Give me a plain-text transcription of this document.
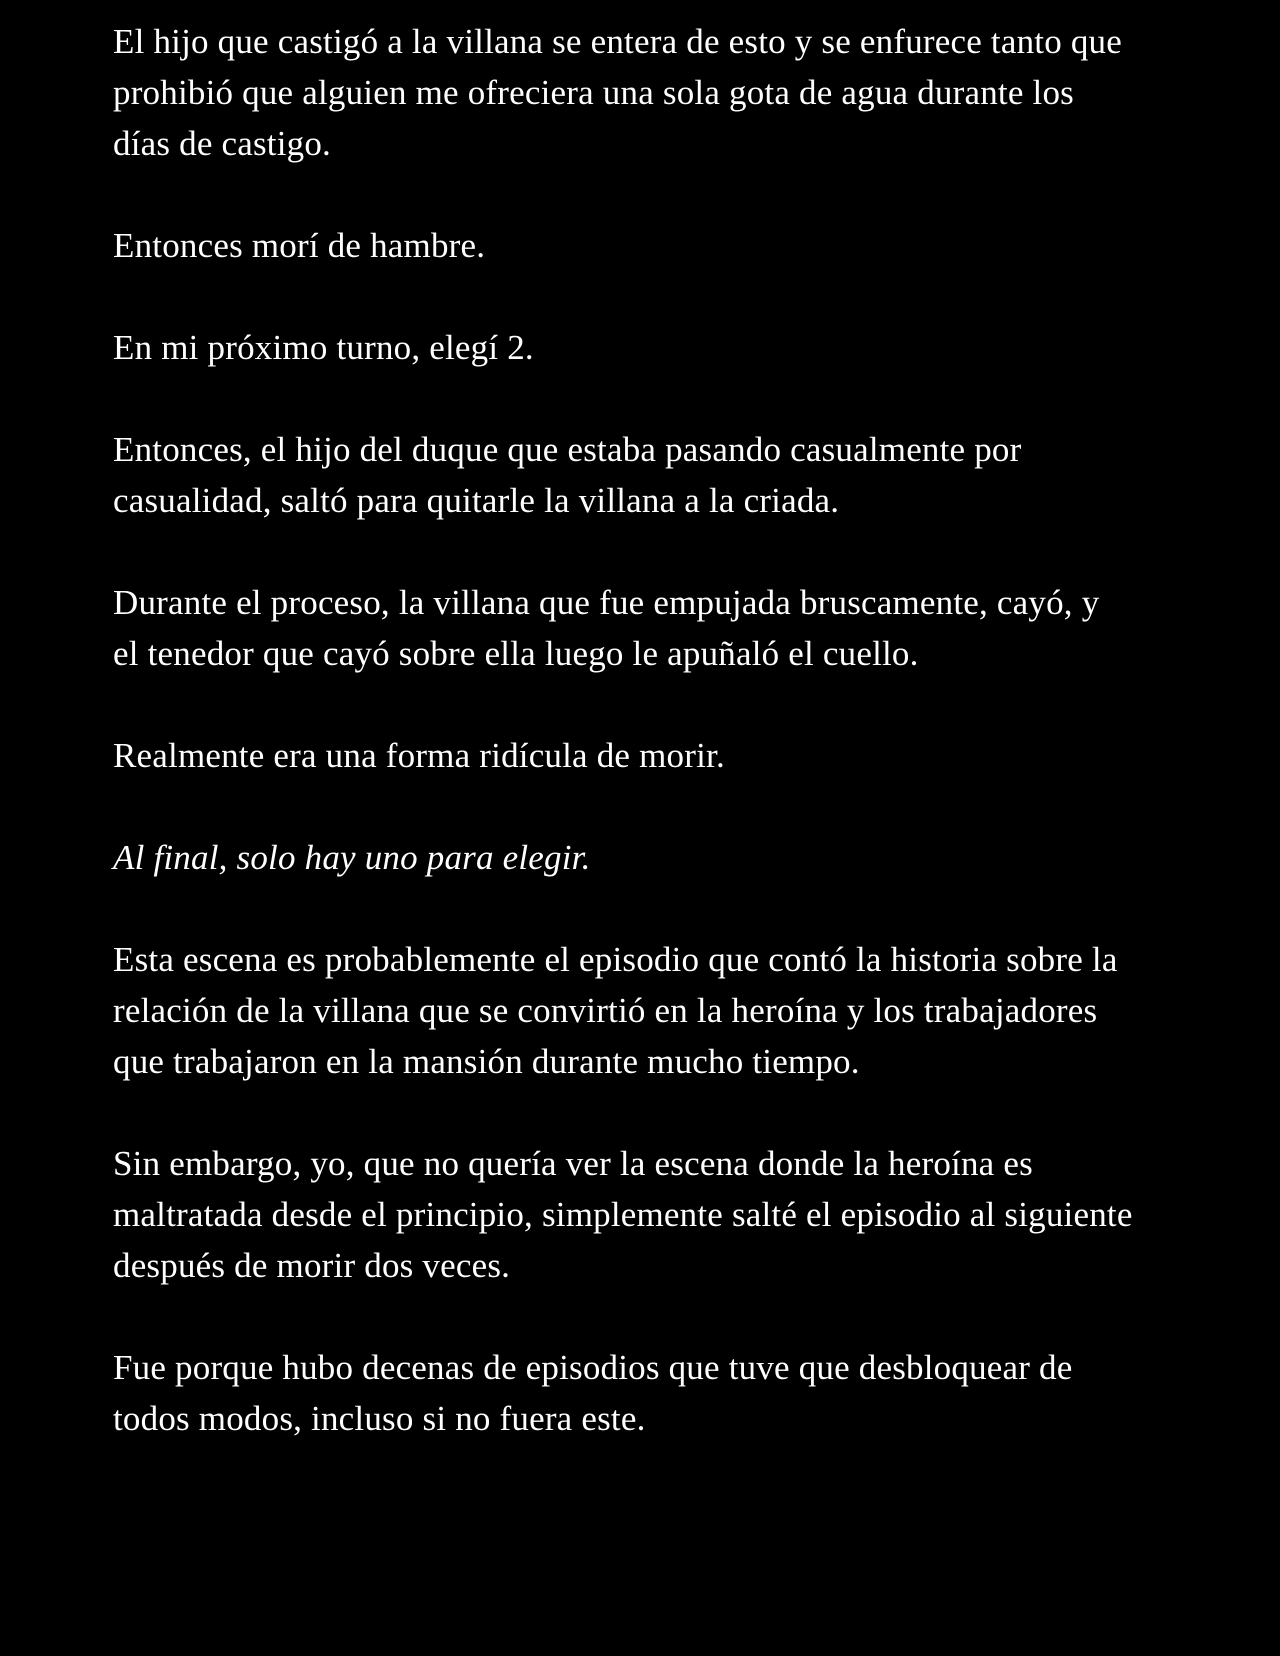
El hijo que castigó a la villana se entera de esto y se enfurece tanto que prohibió que alguien me ofreciera una sola gota de agua durante los días de castigo.

Entonces morí de hambre.

En mi próximo turno, elegí 2.

Entonces, el hijo del duque que estaba pasando casualmente por casualidad, saltó para quitarle la villana a la criada.

Durante el proceso, la villana que fue empujada bruscamente, cayó, y el tenedor que cayó sobre ella luego le apuñaló el cuello.

Realmente era una forma ridícula de morir.

Al final, solo hay uno para elegir.

Esta escena es probablemente el episodio que contó la historia sobre la relación de la villana que se convirtió en la heroína y los trabajadores que trabajaron en la mansión durante mucho tiempo.

Sin embargo, yo, que no quería ver la escena donde la heroína es maltratada desde el principio, simplemente salté el episodio al siguiente después de morir dos veces.

Fue porque hubo decenas de episodios que tuve que desbloquear de todos modos, incluso si no fuera este.
